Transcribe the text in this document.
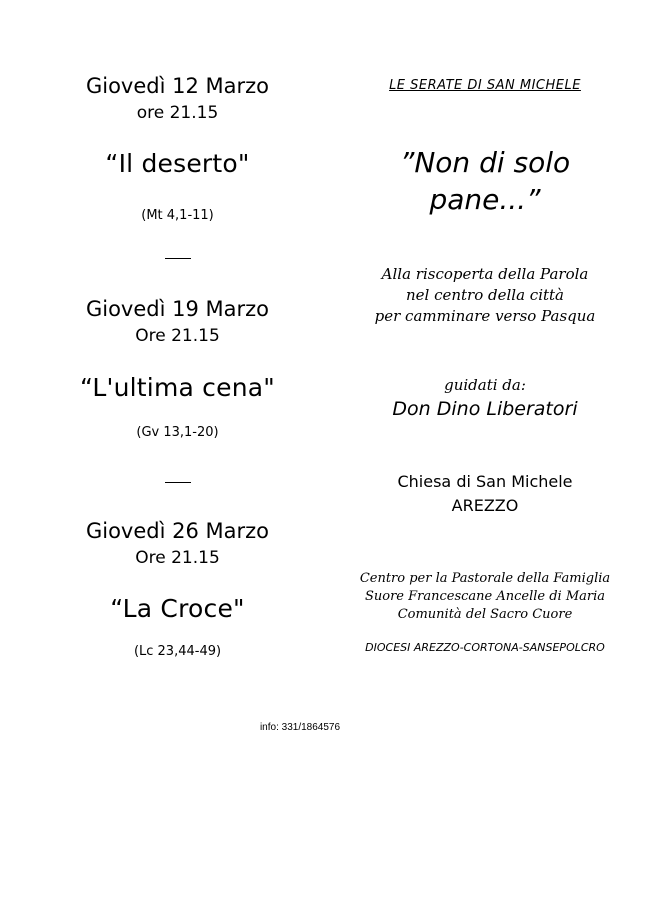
Giovedì 12 Marzo
ore 21.15
“Il deserto"
(Mt 4,1-11)
Giovedì 19 Marzo
Ore 21.15
“L'ultima cena"
(Gv 13,1-20)
Giovedì 26 Marzo
Ore 21.15
“La Croce"
(Lc 23,44-49)
LE SERATE DI SAN MICHELE
”Non di solo
pane...”
Alla riscoperta della Parola
nel centro della città
per camminare verso Pasqua
guidati da:
Don Dino Liberatori
Chiesa di San Michele
AREZZO
Centro per la Pastorale della Famiglia
Suore Francescane Ancelle di Maria
Comunità del Sacro Cuore
DIOCESI AREZZO-CORTONA-SANSEPOLCRO
info: 331/1864576
